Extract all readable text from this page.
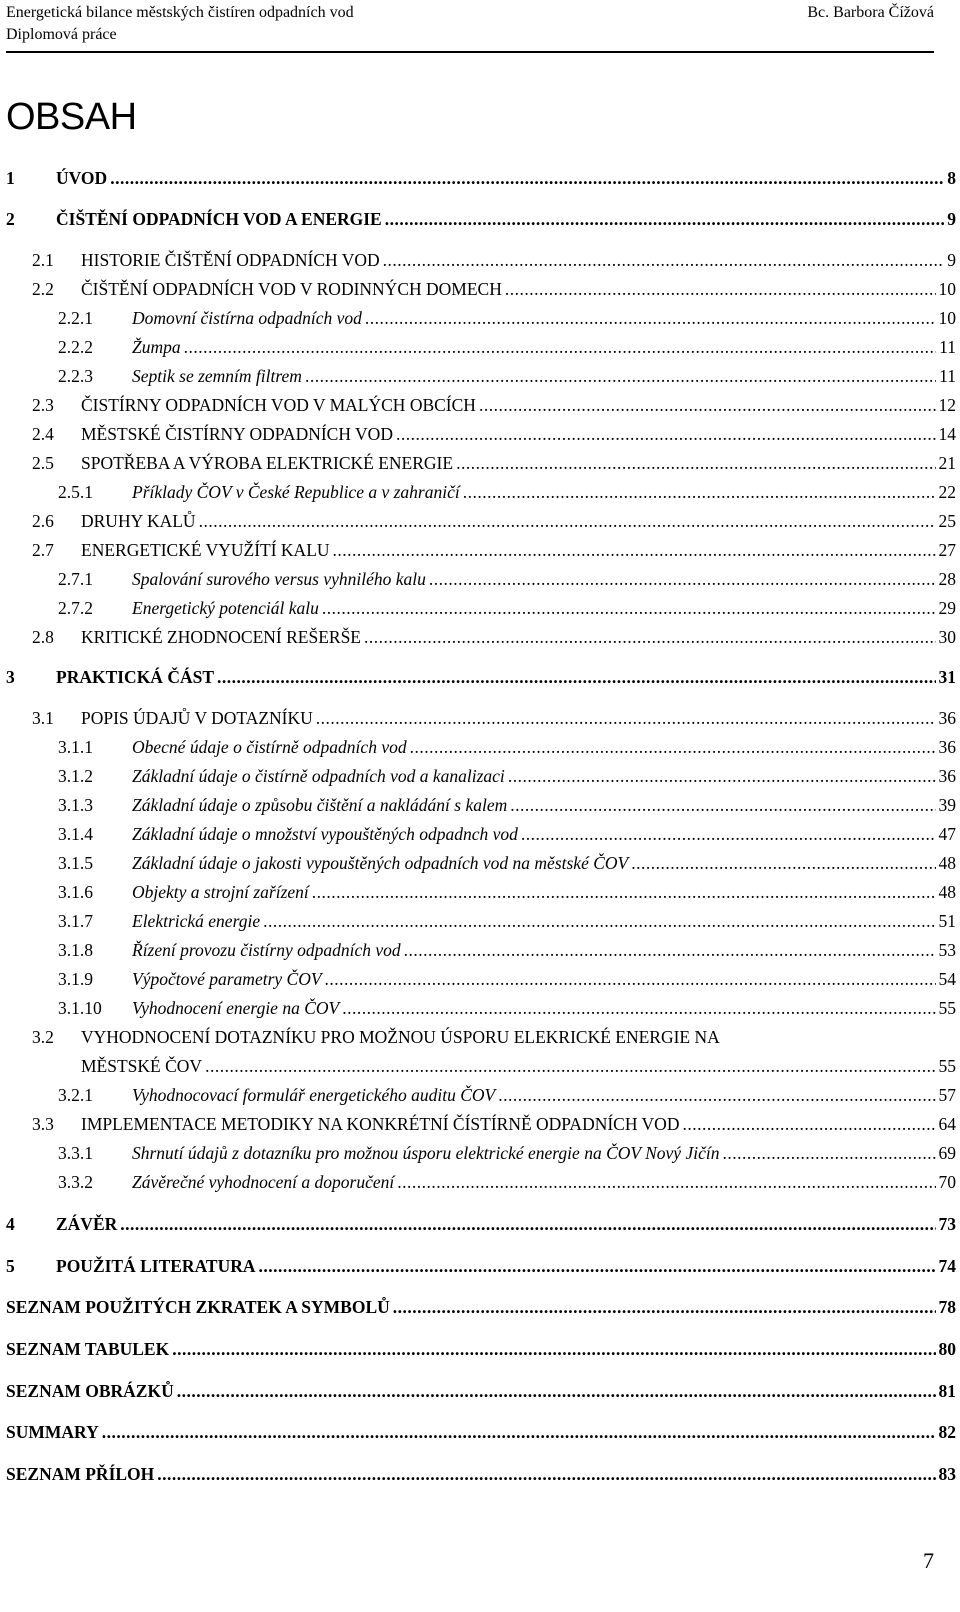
Energetická bilance městských čistíren odpadních vod	Bc. Barbora Čížová
Diplomová práce
OBSAH
1	ÚVOD .....	8
2	ČIŠTĚNÍ ODPADNÍCH VOD A ENERGIE .....	9
2.1	HISTORIE ČIŠTĚNÍ ODPADNÍCH VOD .....	9
2.2	ČIŠTĚNÍ ODPADNÍCH VOD V RODINNÝCH DOMECH .....	10
2.2.1	Domovní čistírna odpadních vod .....	10
2.2.2	Žumpa .....	11
2.2.3	Septik se zemním filtrem .....	11
2.3	ČISTÍRNY ODPADNÍCH VOD V MALÝCH OBCÍCH .....	12
2.4	MĚSTSKÉ ČISTÍRNY ODPADNÍCH VOD .....	14
2.5	SPOTŘEBA A VÝROBA ELEKTRICKÉ ENERGIE .....	21
2.5.1	Příklady ČOV v České Republice a v zahraničí .....	22
2.6	DRUHY KALŮ .....	25
2.7	ENERGETICKÉ VYUŽÍTÍ KALU .....	27
2.7.1	Spalování surového versus vyhnilého kalu .....	28
2.7.2	Energetický potenciál kalu .....	29
2.8	KRITICKÉ ZHODNOCENÍ REŠERŠE .....	30
3	PRAKTICKÁ ČÁST .....	31
3.1	POPIS ÚDAJŮ V DOTAZNÍKU .....	36
3.1.1	Obecné údaje o čistírně odpadních vod .....	36
3.1.2	Základní údaje o čistírně odpadních vod a kanalizaci .....	36
3.1.3	Základní údaje o způsobu čištění a nakládání s kalem .....	39
3.1.4	Základní údaje o množství vypouštěných odpadnch vod .....	47
3.1.5	Základní údaje o jakosti vypouštěných odpadních vod na městské ČOV .....	48
3.1.6	Objekty a strojní zařízení .....	48
3.1.7	Elektrická energie .....	51
3.1.8	Řízení provozu čistírny odpadních vod .....	53
3.1.9	Výpočtové parametry ČOV .....	54
3.1.10	Vyhodnocení energie na ČOV .....	55
3.2 VYHODNOCENÍ DOTAZNÍKU PRO MOŽNOU ÚSPORU ELEKRICKÉ ENERGIE NA
MĚSTSKÉ ČOV .....	55
3.2.1	Vyhodnocovací formulář energetického auditu ČOV .....	57
3.3	IMPLEMENTACE METODIKY NA KONKRÉTNÍ ČÍSTÍRNĚ ODPADNÍCH VOD .....	64
3.3.1	Shrnutí údajů z dotazníku pro možnou úsporu elektrické energie na ČOV Nový Jičín .....	69
3.3.2	Závěrečné vyhodnocení a doporučení .....	70
4	ZÁVĚR .....	73
5	POUŽITÁ LITERATURA .....	74
SEZNAM POUŽITÝCH ZKRATEK A SYMBOLŮ .....	78
SEZNAM TABULEK .....	80
SEZNAM OBRÁZKŮ .....	81
SUMMARY .....	82
SEZNAM PŘÍLOH .....	83
7
